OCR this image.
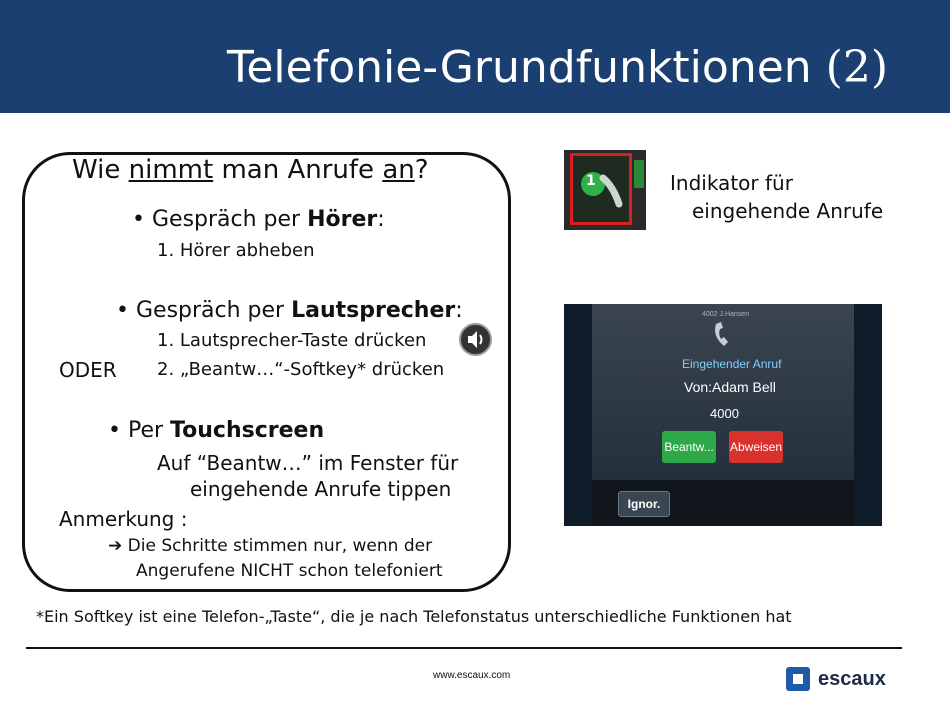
Telefonie-Grundfunktionen (2)
Wie nimmt man Anrufe an?
• Gespräch per Hörer:
1. Hörer abheben
• Gespräch per Lautsprecher:
1. Lautsprecher-Taste drücken
ODER 2. „Beantw…“-Softkey* drücken
• Per Touchscreen
Auf “Beantw…” im Fenster für
eingehende Anrufe tippen
Anmerkung :
➔ Die Schritte stimmen nur, wenn der
Angerufene NICHT schon telefoniert
1	Indikator für
eingehende Anrufe
4002 J.Hansen
Eingehender Anruf
Von:Adam Bell
4000
Beantw... Abweisen
Ignor.
*Ein Softkey ist eine Telefon-„Taste“, die je nach Telefonstatus unterschiedliche Funktionen hat
www.escaux.com	escaux
